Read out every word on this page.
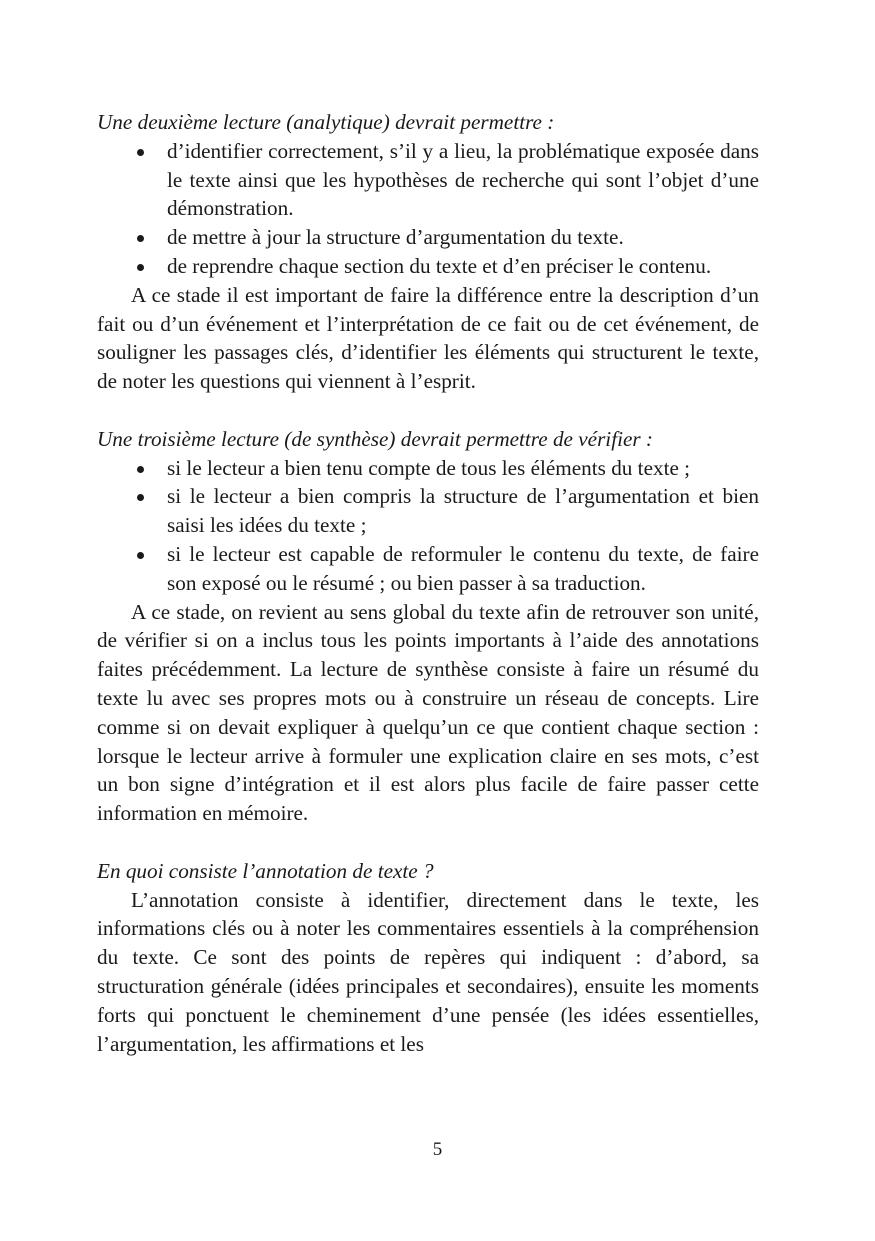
Une deuxième lecture (analytique) devrait permettre :

d’identifier correctement, s’il y a lieu, la problématique exposée dans le texte ainsi que les hypothèses de recherche qui sont l’objet d’une démonstration.
de mettre à jour la structure d’argumentation du texte.
de reprendre chaque section du texte et d’en préciser le contenu.

A ce stade il est important de faire la différence entre la description d’un fait ou d’un événement et l’interprétation de ce fait ou de cet événement, de souligner les passages clés, d’identifier les éléments qui structurent le texte, de noter les questions qui viennent à l’esprit.

Une troisième lecture (de synthèse) devrait permettre de vérifier :

si le lecteur a bien tenu compte de tous les éléments du texte ;
si le lecteur a bien compris la structure de l’argumentation et bien saisi les idées du texte ;
si le lecteur est capable de reformuler le contenu du texte, de faire son exposé ou le résumé ; ou bien passer à sa traduction.

A ce stade, on revient au sens global du texte afin de retrouver son unité, de vérifier si on a inclus tous les points importants à l’aide des annotations faites précédemment. La lecture de synthèse consiste à faire un résumé du texte lu avec ses propres mots ou à construire un réseau de concepts. Lire comme si on devait expliquer à quelqu’un ce que contient chaque section : lorsque le lecteur arrive à formuler une explication claire en ses mots, c’est un bon signe d’intégration et il est alors plus facile de faire passer cette information en mémoire.

En quoi consiste l’annotation de texte ?

L’annotation consiste à identifier, directement dans le texte, les informations clés ou à noter les commentaires essentiels à la compréhension du texte. Ce sont des points de repères qui indiquent : d’abord, sa structuration générale (idées principales et secondaires), ensuite les moments forts qui ponctuent le cheminement d’une pensée (les idées essentielles, l’argumentation, les affirmations et les

5
